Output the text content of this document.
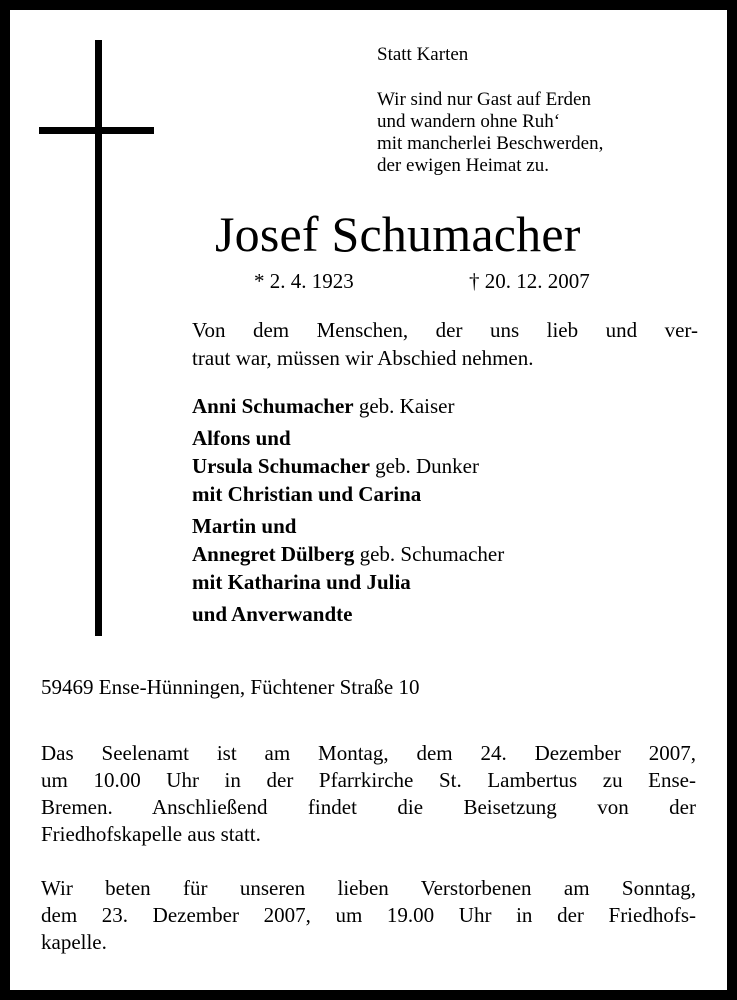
Statt Karten
Wir sind nur Gast auf Erden
und wandern ohne Ruh‘
mit mancherlei Beschwerden,
der ewigen Heimat zu.
Josef Schumacher
* 2. 4. 1923	† 20. 12. 2007
Von dem Menschen, der uns lieb und ver-
traut war, müssen wir Abschied nehmen.
Anni Schumacher geb. Kaiser
Alfons und
Ursula Schumacher geb. Dunker
mit Christian und Carina
Martin und
Annegret Dülberg geb. Schumacher
mit Katharina und Julia
und Anverwandte
59469 Ense-Hünningen, Füchtener Straße 10
Das Seelenamt ist am Montag, dem 24. Dezember 2007,
um 10.00 Uhr in der Pfarrkirche St. Lambertus zu Ense-
Bremen. Anschließend findet die Beisetzung von der
Friedhofskapelle aus statt.
Wir beten für unseren lieben Verstorbenen am Sonntag,
dem 23. Dezember 2007, um 19.00 Uhr in der Friedhofs-
kapelle.
